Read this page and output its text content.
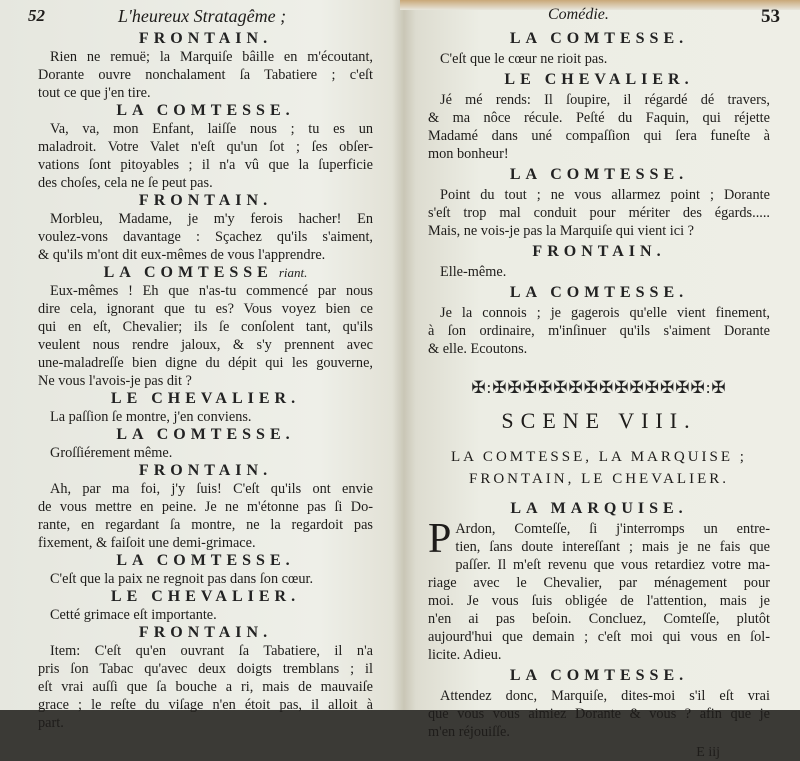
52	L'heureux Stratagême ;
FRONTAIN.
Rien ne remuë; la Marquiſe bâille en m'écoutant,
Dorante ouvre nonchalament ſa Tabatiere ; c'eſt
tout ce que j'en tire.
LA COMTESSE.
Va, va, mon Enfant, laiſſe nous ; tu es un
maladroit. Votre Valet n'eſt qu'un ſot ; ſes obſer-
vations ſont pitoyables ; il n'a vû que la ſuperficie
des choſes, cela ne ſe peut pas.
FRONTAIN.
Morbleu, Madame, je m'y ferois hacher! En
voulez-vons davantage : Sçachez qu'ils s'aiment,
& qu'ils m'ont dit eux-mêmes de vous l'apprendre.
LA COMTESSE riant.
Eux-mêmes ! Eh que n'as-tu commencé par nous
dire cela, ignorant que tu es? Vous voyez bien ce
qui en eſt, Chevalier; ils ſe conſolent tant, qu'ils
veulent nous rendre jaloux, & s'y prennent avec
une-maladreſſe bien digne du dépit qui les gouverne,
Ne vous l'avois-je pas dit ?
LE CHEVALIER.
La paſſion ſe montre, j'en conviens.
LA COMTESSE.
Groſſiérement même.
FRONTAIN.
Ah, par ma foi, j'y ſuis! C'eſt qu'ils ont envie
de vous mettre en peine. Je ne m'étonne pas ſi Do-
rante, en regardant ſa montre, ne la regardoit pas
fixement, & faiſoit une demi-grimace.
LA COMTESSE.
C'eſt que la paix ne regnoit pas dans ſon cœur.
LE CHEVALIER.
Cetté grimace eſt importante.
FRONTAIN.
Item: C'eſt qu'en ouvrant ſa Tabatiere, il n'a
pris ſon Tabac qu'avec deux doigts tremblans ; il
eſt vrai auſſi que ſa bouche a ri, mais de mauvaiſe
grace ; le reſte du viſage n'en étoit pas, il alloit à
part.
Comédie.	53
LA COMTESSE.
C'eſt que le cœur ne rioit pas.
LE CHEVALIER.
Jé mé rends: Il ſoupire, il régardé dé travers,
& ma nôce récule. Peſté du Faquin, qui réjette
Madamé dans uné compaſſion qui ſera funeſte à
mon bonheur!
LA COMTESSE.
Point du tout ; ne vous allarmez point ; Dorante
s'eſt trop mal conduit pour mériter des égards.....
Mais, ne vois-je pas la Marquiſe qui vient ici ?
FRONTAIN.
Elle-même.
LA COMTESSE.
Je la connois ; je gagerois qu'elle vient finement,
à ſon ordinaire, m'inſinuer qu'ils s'aiment Dorante
& elle. Ecoutons.
✠:✠✠✠✠✠✠✠✠✠✠✠✠✠✠:✠
SCENE VIII.
LA COMTESSE, LA MARQUISE ;
FRONTAIN, LE CHEVALIER.
LA MARQUISE.
P Ardon, Comteſſe, ſi j'interromps un entre-
tien, ſans doute intereſſant ; mais je ne fais que
paſſer. Il m'eſt revenu que vous retardiez votre ma-
riage avec le Chevalier, par ménagement pour
moi. Je vous ſuis obligée de l'attention, mais je
n'en ai pas beſoin. Concluez, Comteſſe, plutôt
aujourd'hui que demain ; c'eſt moi qui vous en ſol-
licite. Adieu.
LA COMTESSE.
Attendez donc, Marquiſe, dites-moi s'il eſt vrai
que vous vous aimiez Dorante & vous ? afin que je
m'en réjouiſſe.
E iij
